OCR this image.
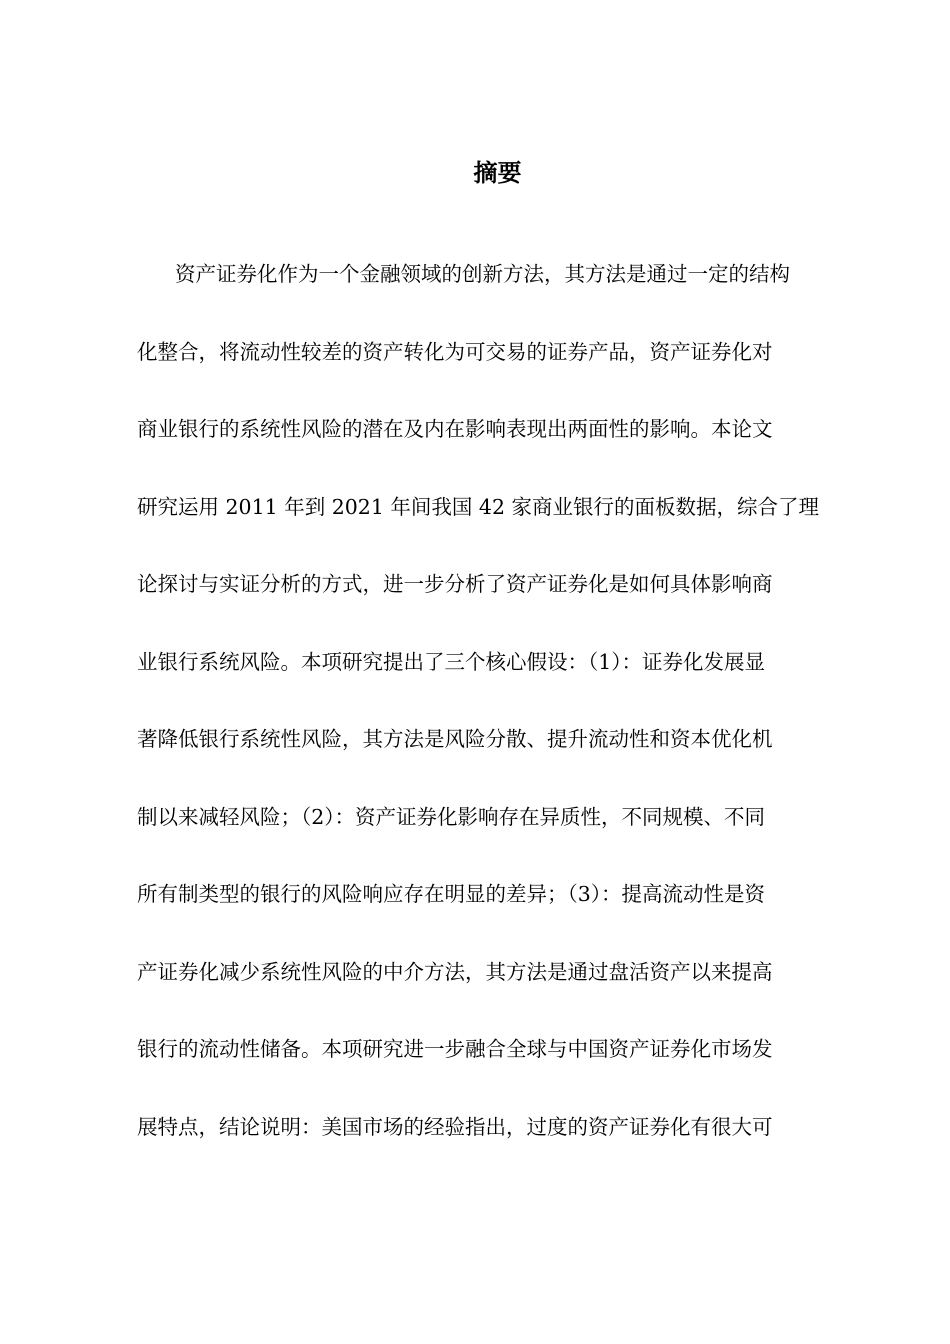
摘要
资产证券化作为一个金融领域的创新方法，其方法是通过一定的结构
化整合，将流动性较差的资产转化为可交易的证券产品，资产证券化对
商业银行的系统性风险的潜在及内在影响表现出两面性的影响。本论文
研究运用 2011 年到 2021 年间我国 42 家商业银行的面板数据，综合了理
论探讨与实证分析的方式，进一步分析了资产证券化是如何具体影响商
业银行系统风险。本项研究提出了三个核心假设：（1）：证券化发展显
著降低银行系统性风险，其方法是风险分散、提升流动性和资本优化机
制以来减轻风险；（2）：资产证券化影响存在异质性，不同规模、不同
所有制类型的银行的风险响应存在明显的差异；（3）：提高流动性是资
产证券化减少系统性风险的中介方法，其方法是通过盘活资产以来提高
银行的流动性储备。本项研究进一步融合全球与中国资产证券化市场发
展特点，结论说明：美国市场的经验指出，过度的资产证券化有很大可
